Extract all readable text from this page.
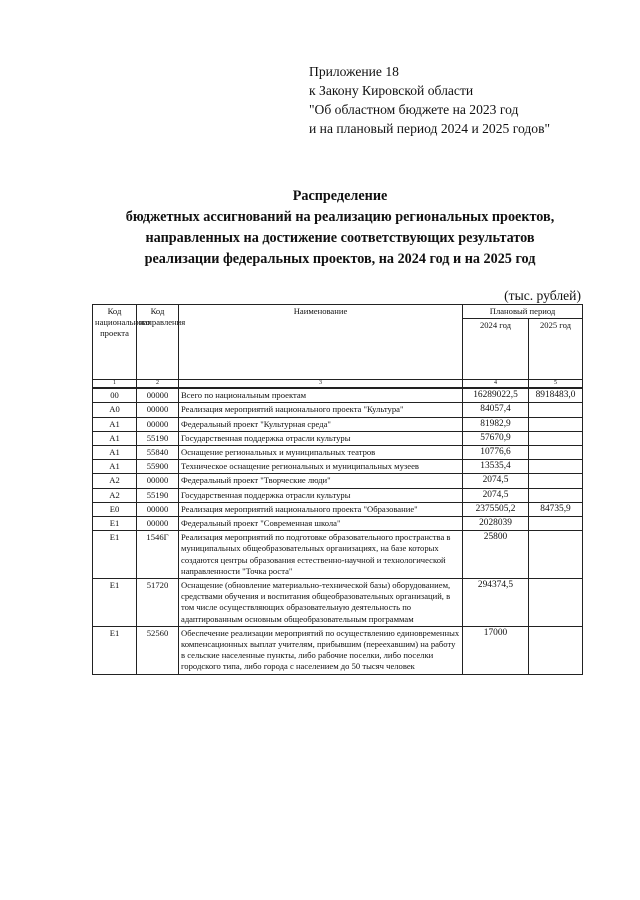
Приложение 18
к Закону Кировской области
"Об областном бюджете на 2023 год
и на плановый период 2024 и 2025 годов"
Распределение
бюджетных ассигнований на реализацию региональных проектов,
направленных на достижение соответствующих результатов
реализации федеральных проектов, на 2024 год и на 2025 год
(тыс. рублей)
Код национального проекта	Код направления	Наименование	Плановый период	
			2024 год	2025 год
1	2	3	4	5
00	00000	Всего по национальным проектам	16289022,5	8918483,0
А0	00000	Реализация мероприятий национального проекта "Культура"	84057,4	
А1	00000	Федеральный проект "Культурная среда"	81982,9	
А1	55190	Государственная поддержка отрасли культуры	57670,9	
А1	55840	Оснащение региональных и муниципальных театров	10776,6	
А1	55900	Техническое оснащение региональных и муниципальных музеев	13535,4	
А2	00000	Федеральный проект "Творческие люди"	2074,5	
А2	55190	Государственная поддержка отрасли культуры	2074,5	
Е0	00000	Реализация мероприятий национального проекта "Образование"	2375505,2	84735,9
Е1	00000	Федеральный проект "Современная школа"	2028039	
Е1	1546Г	Реализация мероприятий по подготовке образовательного пространства в муниципальных общеобразовательных организациях, на базе которых создаются центры образования естественно-научной и технологической направленности "Точка роста"	25800	
Е1	51720	Оснащение (обновление материально-технической базы) оборудованием, средствами обучения и воспитания общеобразовательных организаций, в том числе осуществляющих образовательную деятельность по адаптированным основным общеобразовательным программам	294374,5	
Е1	52560	Обеспечение реализации мероприятий по осуществлению единовременных компенсационных выплат учителям, прибывшим (переехавшим) на работу в сельские населенные пункты, либо рабочие поселки, либо поселки городского типа, либо города с населением до 50 тысяч человек	17000	
